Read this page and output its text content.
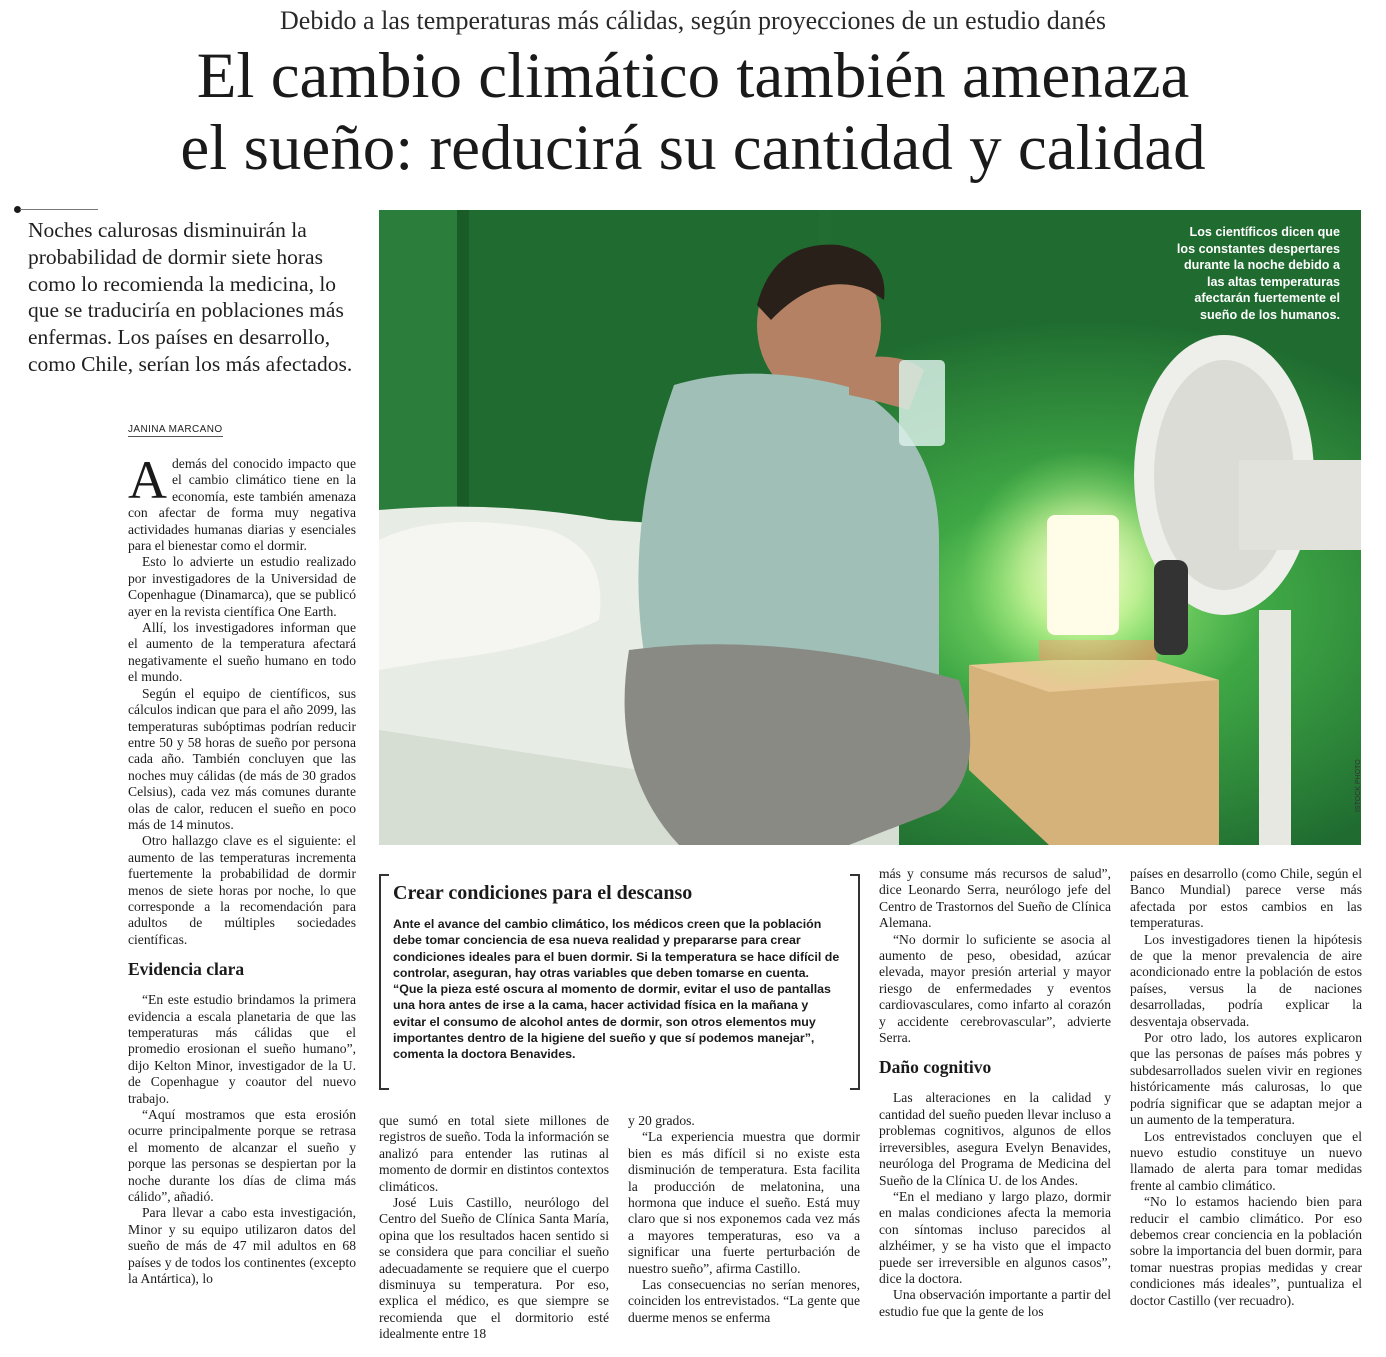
Debido a las temperaturas más cálidas, según proyecciones de un estudio danés
El cambio climático también amenaza
el sueño: reducirá su cantidad y calidad
Noches calurosas disminuirán la probabilidad de dormir siete horas como lo recomienda la medicina, lo que se traduciría en poblaciones más enfermas. Los países en desarrollo, como Chile, serían los más afectados.
JANINA MARCANO

Además del conocido impacto que el cambio climático tiene en la economía, este también amenaza con afectar de forma muy negativa actividades humanas diarias y esenciales para el bienestar como el dormir.

Esto lo advierte un estudio realizado por investigadores de la Universidad de Copenhague (Dinamarca), que se publicó ayer en la revista científica One Earth.

Allí, los investigadores informan que el aumento de la temperatura afectará negativamente el sueño humano en todo el mundo.

Según el equipo de científicos, sus cálculos indican que para el año 2099, las temperaturas subóptimas podrían reducir entre 50 y 58 horas de sueño por persona cada año. También concluyen que las noches muy cálidas (de más de 30 grados Celsius), cada vez más comunes durante olas de calor, reducen el sueño en poco más de 14 minutos.

Otro hallazgo clave es el siguiente: el aumento de las temperaturas incrementa fuertemente la probabilidad de dormir menos de siete horas por noche, lo que corresponde a la recomendación para adultos de múltiples sociedades científicas.

Evidencia clara

“En este estudio brindamos la primera evidencia a escala planetaria de que las temperaturas más cálidas que el promedio erosionan el sueño humano”, dijo Kelton Minor, investigador de la U. de Copenhague y coautor del nuevo trabajo.

“Aquí mostramos que esta erosión ocurre principalmente porque se retrasa el momento de alcanzar el sueño y porque las personas se despiertan por la noche durante los días de clima más cálido”, añadió.

Para llevar a cabo esta investigación, Minor y su equipo utilizaron datos del sueño de más de 47 mil adultos en 68 países y de todos los continentes (excepto la Antártica), lo

Los científicos dicen que los constantes despertares durante la noche debido a las altas temperaturas afectarán fuertemente el sueño de los humanos.
ISTOCK PHOTO
Crear condiciones para el descanso

Ante el avance del cambio climático, los médicos creen que la población debe tomar conciencia de esa nueva realidad y prepararse para crear condiciones ideales para el buen dormir. Si la temperatura se hace difícil de controlar, aseguran, hay otras variables que deben tomarse en cuenta.

“Que la pieza esté oscura al momento de dormir, evitar el uso de pantallas una hora antes de irse a la cama, hacer actividad física en la mañana y evitar el consumo de alcohol antes de dormir, son otros elementos muy importantes dentro de la higiene del sueño y que sí podemos manejar”, comenta la doctora Benavides.

que sumó en total siete millones de registros de sueño. Toda la información se analizó para entender las rutinas al momento de dormir en distintos contextos climáticos.

José Luis Castillo, neurólogo del Centro del Sueño de Clínica Santa María, opina que los resultados hacen sentido si se considera que para conciliar el sueño adecuadamente se requiere que el cuerpo disminuya su temperatura. Por eso, explica el médico, es que siempre se recomienda que el dormitorio esté idealmente entre 18

y 20 grados.

“La experiencia muestra que dormir bien es más difícil si no existe esta disminución de temperatura. Esta facilita la producción de melatonina, una hormona que induce el sueño. Está muy claro que si nos exponemos cada vez más a mayores temperaturas, eso va a significar una fuerte perturbación de nuestro sueño”, afirma Castillo.

Las consecuencias no serían menores, coinciden los entrevistados. “La gente que duerme menos se enferma

más y consume más recursos de salud”, dice Leonardo Serra, neurólogo jefe del Centro de Trastornos del Sueño de Clínica Alemana.

“No dormir lo suficiente se asocia al aumento de peso, obesidad, azúcar elevada, mayor presión arterial y mayor riesgo de enfermedades y eventos cardiovasculares, como infarto al corazón y accidente cerebrovascular”, advierte Serra.

Daño cognitivo

Las alteraciones en la calidad y cantidad del sueño pueden llevar incluso a problemas cognitivos, algunos de ellos irreversibles, asegura Evelyn Benavides, neuróloga del Programa de Medicina del Sueño de la Clínica U. de los Andes.

“En el mediano y largo plazo, dormir en malas condiciones afecta la memoria con síntomas incluso parecidos al alzhéimer, y se ha visto que el impacto puede ser irreversible en algunos casos”, dice la doctora.

Una observación importante a partir del estudio fue que la gente de los

países en desarrollo (como Chile, según el Banco Mundial) parece verse más afectada por estos cambios en las temperaturas.

Los investigadores tienen la hipótesis de que la menor prevalencia de aire acondicionado entre la población de estos países, versus la de naciones desarrolladas, podría explicar la desventaja observada.

Por otro lado, los autores explicaron que las personas de países más pobres y subdesarrollados suelen vivir en regiones históricamente más calurosas, lo que podría significar que se adaptan mejor a un aumento de la temperatura.

Los entrevistados concluyen que el nuevo estudio constituye un nuevo llamado de alerta para tomar medidas frente al cambio climático.

“No lo estamos haciendo bien para reducir el cambio climático. Por eso debemos crear conciencia en la población sobre la importancia del buen dormir, para tomar nuestras propias medidas y crear condiciones más ideales”, puntualiza el doctor Castillo (ver recuadro).
